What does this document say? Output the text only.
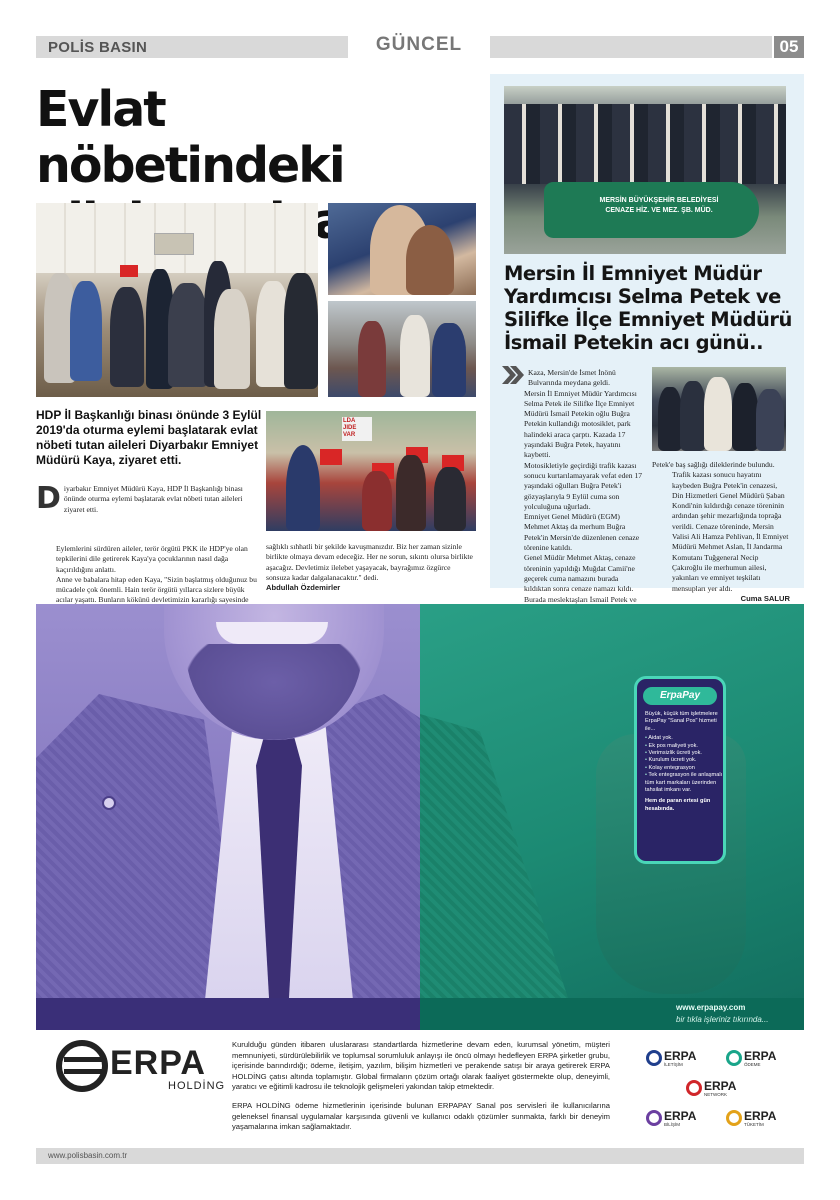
POLİS BASIN	GÜNCEL	05
Evlat nöbetindeki
HDP İl Başkanlığı binası önünde 3 Eylül 2019'da oturma eylemi başlatarak evlat nöbeti tutan aileleri Diyarbakır Emniyet Müdürü Kaya, ziyaret etti.
D iyarbakır Emniyet Müdürü Kaya, HDP İl Başkanlığı binası önünde oturma eylemi başlatarak evlat nöbeti tutan aileleri ziyaret etti.

Eylemlerini sürdüren aileler, terör örgütü PKK ile HDP'ye olan tepkilerini dile getirerek Kaya'ya çocuklarının nasıl dağa kaçırıldığını anlattı.

Anne ve babalara hitap eden Kaya, "Sizin başlatmış olduğunuz bu mücadele çok önemli. Hain terör örgütü yıllarca sizlere büyük acılar yaşattı. Bunların kökünü devletimizin kararlığı sayesinde

LDA
JIDE
VAR

sağlıklı sıhhatli bir şekilde kavuşmanızdır. Biz her zaman sizinle birlikte olmaya devam edeceğiz. Her ne sorun, sıkıntı olursa birlikte aşacağız. Devletimiz ilelebet yaşayacak, bayrağımız özgürce sonsuza kadar dalgalanacaktır." dedi.

Abdullah Özdemirler

MERSİN BÜYÜKŞEHİR BELEDİYESİ
CENAZE HİZ. VE MEZ. ŞB. MÜD.
Mersin İl Emniyet Müdür Yardımcısı Selma Petek ve Silifke İlçe Emniyet Müdürü İsmail Petekin acı günü..

Kaza, Mersin'de İsmet İnönü Bulvarında meydana geldi.

Mersin İl Emniyet Müdür Yardımcısı Selma Petek ile Silifke İlçe Emniyet Müdürü İsmail Petekin oğlu Buğra Petekin kullandığı motosiklet, park halindeki araca çarptı. Kazada 17 yaşındaki Buğra Petek, hayatını kaybetti.

Motosikletiyle geçirdiği trafik kazası sonucu kurtarılamayarak vefat eden 17 yaşındaki oğulları Buğra Petek'i gözyaşlarıyla 9 Eylül cuma son yolculuğuna uğurladı.

Emniyet Genel Müdürü (EGM) Mehmet Aktaş da merhum Buğra Petek'in Mersin'de düzenlenen cenaze törenine katıldı.

Genel Müdür Mehmet Aktaş, cenaze töreninin yapıldığı Muğdat Camii'ne geçerek cuma namazını burada kıldıktan sonra cenaze namazı kıldı. Burada meslektaşları İsmail Petek ve

Petek'e baş sağlığı dileklerinde bulundu.

Trafik kazası sonucu hayatını kaybeden Buğra Petek'in cenazesi, Din Hizmetleri Genel Müdürü Şaban Kondi'nin kıldırdığı cenaze töreninin ardından şehir mezarlığında toprağa verildi. Cenaze töreninde, Mersin Valisi Ali Hamza Pehlivan, İl Emniyet Müdürü Mehmet Aslan, İl Jandarma Komutanı Tuğgeneral Necip Çakıroğlu ile merhumun ailesi, yakınları ve emniyet teşkilatı mensupları yer aldı.

Cuma SALUR

ErpaPay
Büyük, küçük tüm işletmelere ErpaPay "Sanal Pos" hizmeti ile...
• Aidat yok.
• Ek pos maliyeti yok.
• Verimsizlik ücreti yok.
• Kurulum ücreti yok.
• Kolay entegrasyon
• Tek entegrasyon ile anlaşmalı tüm kart markaları üzerinden tahsilat imkanı var.
Hem de paran ertesi gün hesabında.
www.erpapay.com
bir tıkla işleriniz tıkırında...
ERPA
HOLDİNG

Kurulduğu günden itibaren uluslararası standartlarda hizmetlerine devam eden, kurumsal yönetim, müşteri memnuniyeti, sürdürülebilirlik ve toplumsal sorumluluk anlayışı ile öncü olmayı hedefleyen ERPA şirketler grubu, içerisinde barındırdığı; ödeme, iletişim, yazılım, bilişim hizmetleri ve perakende satışı bir araya getirerek ERPA HOLDİNG çatısı altında toplamıştır. Global firmaların çözüm ortağı olarak faaliyet göstermekte olup, deneyimli, yaratıcı ve eğitimli kadrosu ile teknolojik gelişmeleri yakından takip etmektedir.

ERPA HOLDİNG ödeme hizmetlerinin içerisinde bulunan ERPAPAY Sanal pos servisleri ile kullanıcılarına geleneksel finansal uygulamalar karşısında güvenli ve kullanıcı odaklı çözümler sunmakta, farklı bir deneyim yaşamalarına imkan sağlamaktadır.

ERPA
İLETİŞİM
ERPA
ÖDEME
ERPA
NETWORK
ERPA
BİLİŞİM
ERPA
TÜKETİM
www.polisbasin.com.tr
